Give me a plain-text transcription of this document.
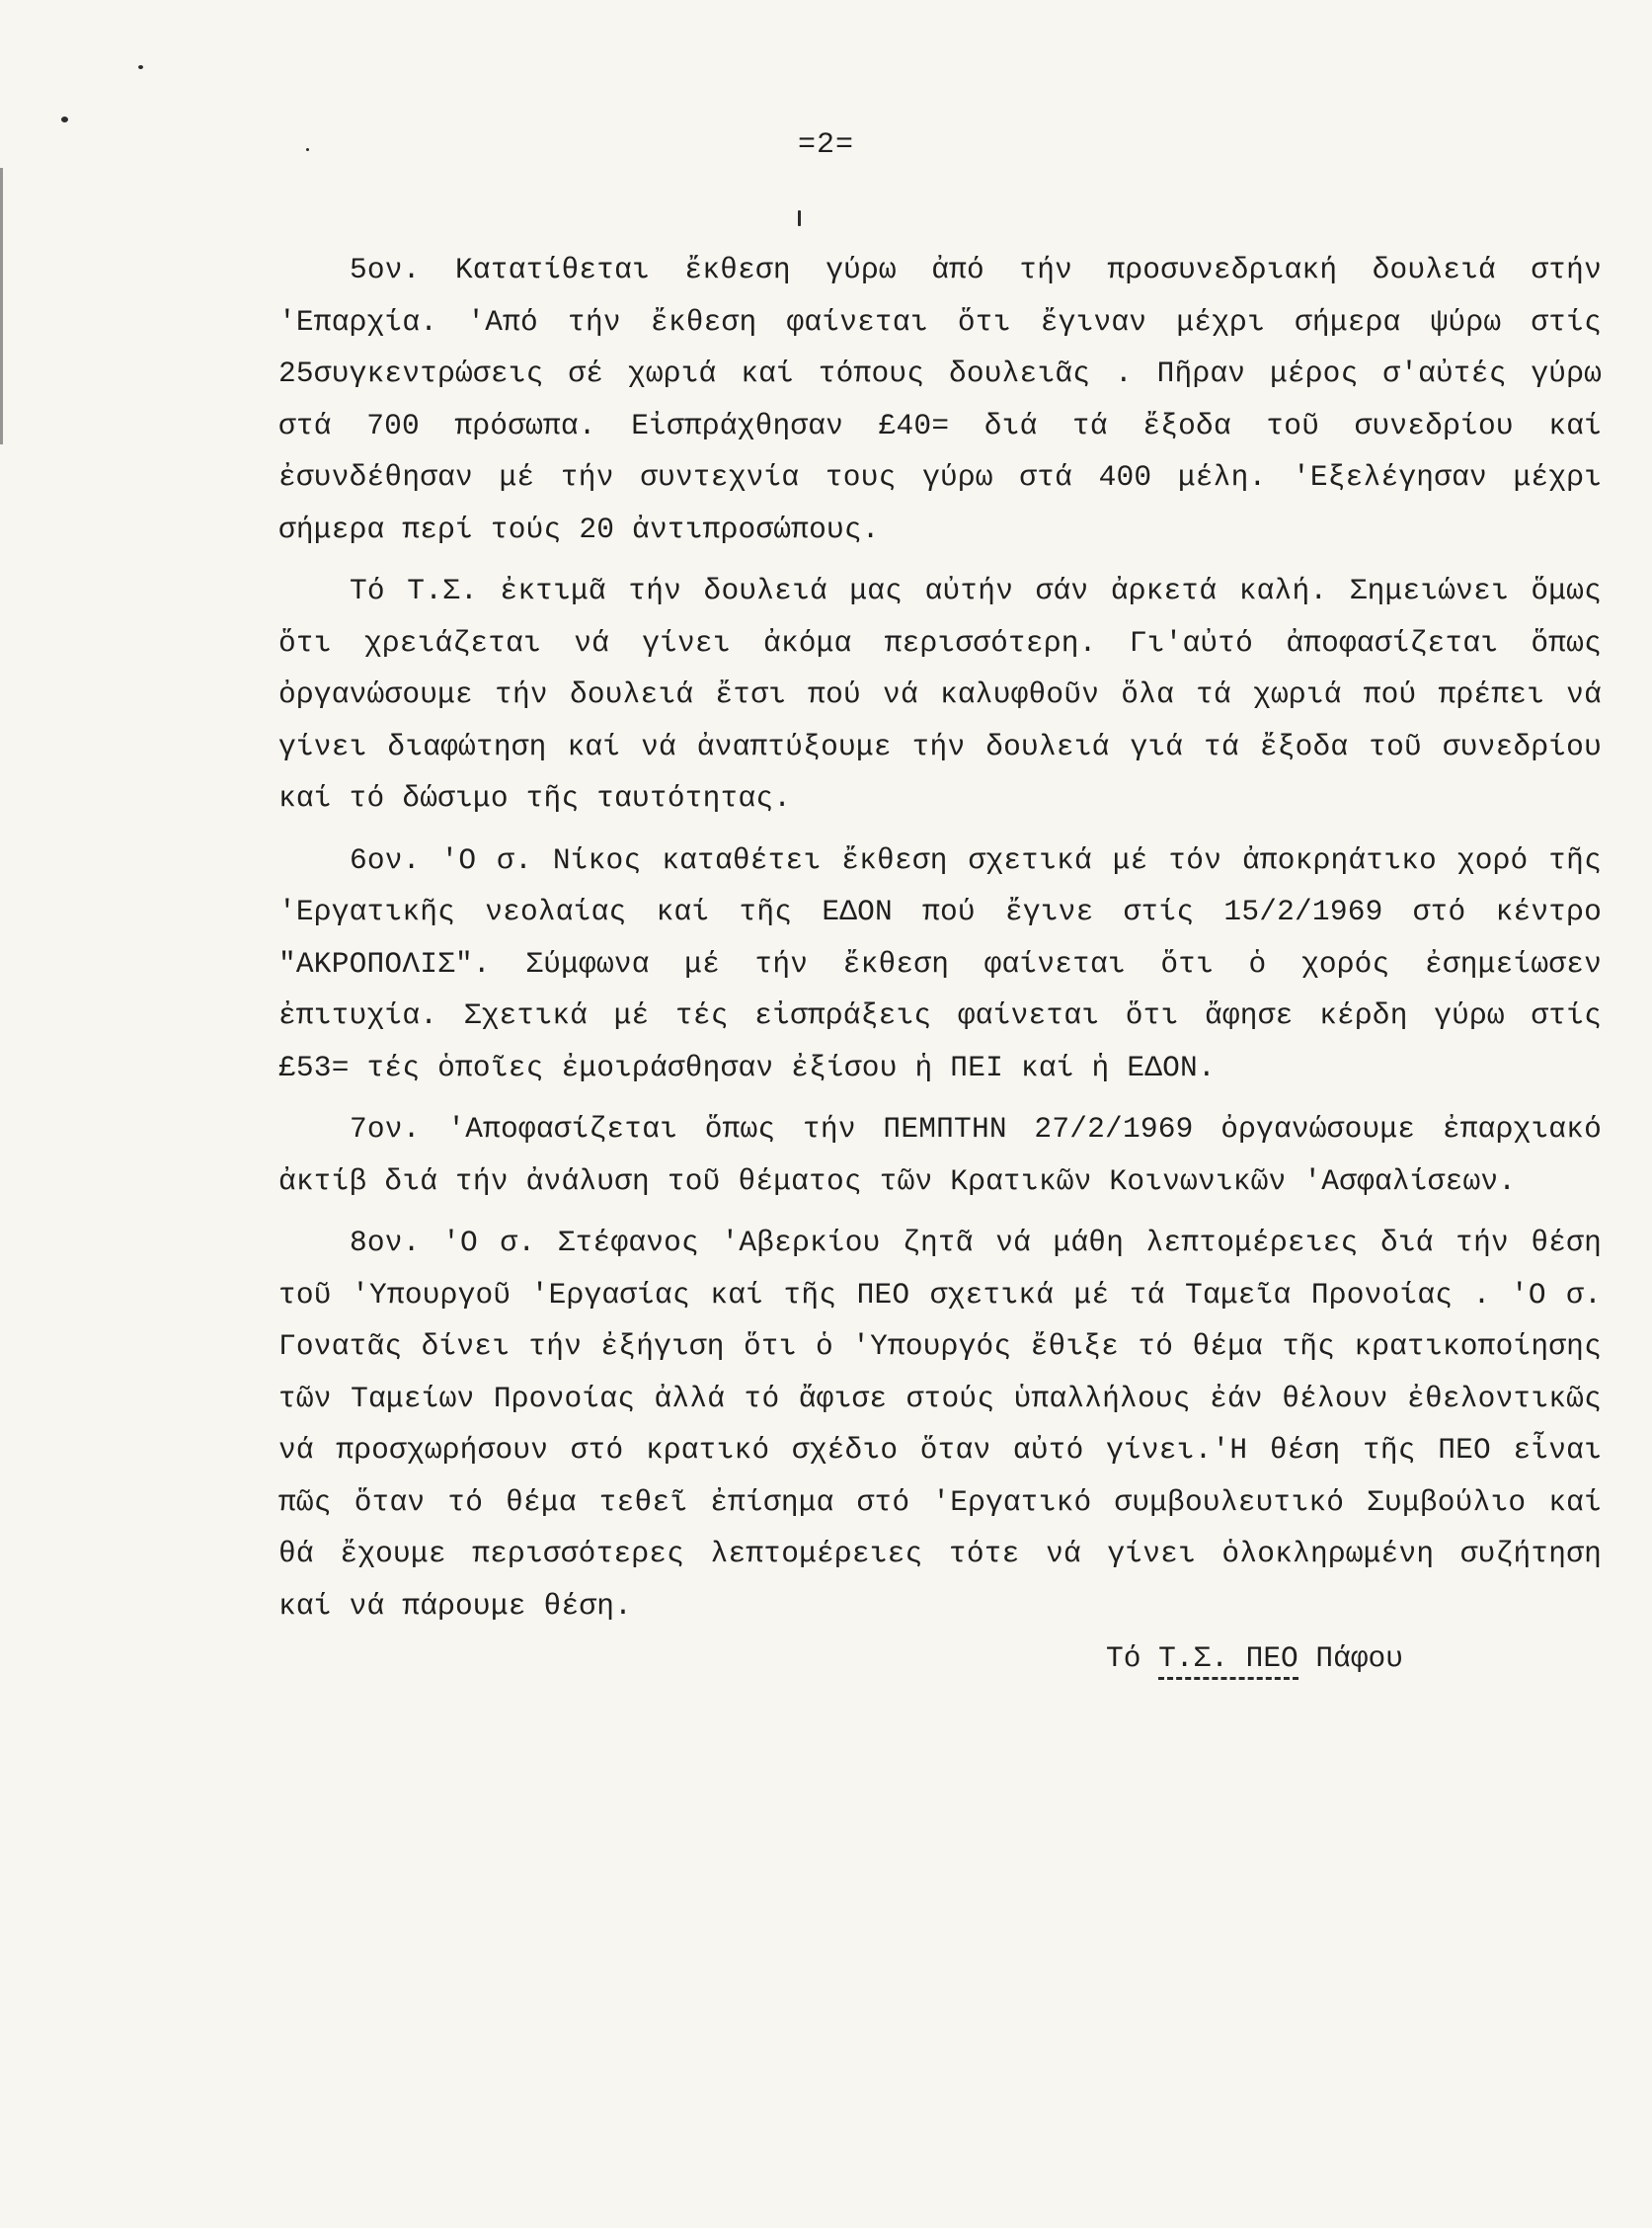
=2=

5ον. Κατατίθεται ἔκθεση γύρω ἀπό τήν προσυνεδριακή δουλειά στήν 'Επαρχία. 'Από τήν ἔκθεση φαίνεται ὅτι ἔγιναν μέχρι σήμερα ψύρω στίς 25συγκεντρώσεις σέ χωριά καί τόπους δουλειᾶς . Πῆραν μέρος σ'αὐτές γύρω στά 700 πρόσωπα. Εἰσπράχθησαν £40= διά τά ἔξοδα τοῦ συνεδρίου καί ἐσυνδέθησαν μέ τήν συντεχνία τους γύρω στά 400 μέλη. 'Εξελέγησαν μέχρι σήμερα περί τούς 20 ἀντιπροσώπους.

Τό Τ.Σ. ἐκτιμᾶ τήν δουλειά μας αὐτήν σάν ἀρκετά καλή. Σημειώνει ὅμως ὅτι χρειάζεται νά γίνει ἀκόμα περισσότερη. Γι'αὐτό ἀποφασίζεται ὅπως ὀργανώσουμε τήν δουλειά ἔτσι πού νά καλυφθοῦν ὅλα τά χωριά πού πρέπει νά γίνει διαφώτηση καί νά ἀναπτύξουμε τήν δουλειά γιά τά ἔξοδα τοῦ συνεδρίου καί τό δώσιμο τῆς ταυτότητας.

6ον. 'Ο σ. Νίκος καταθέτει ἔκθεση σχετικά μέ τόν ἀποκρηάτικο χορό τῆς 'Εργατικῆς νεολαίας καί τῆς ΕΔΟΝ πού ἔγινε στίς 15/2/1969 στό κέντρο "ΑΚΡΟΠΟΛΙΣ". Σύμφωνα μέ τήν ἔκθεση φαίνεται ὅτι ὁ χορός ἐσημείωσεν ἐπιτυχία. Σχετικά μέ τές εἰσπράξεις φαίνεται ὅτι ἄφησε κέρδη γύρω στίς £53= τές ὁποῖες ἐμοιράσθησαν ἐξίσου ἡ ΠΕΙ καί ἡ ΕΔΟΝ.

7ον. 'Αποφασίζεται ὅπως τήν ΠΕΜΠΤΗΝ 27/2/1969 ὀργανώσουμε ἐπαρχιακό ἀκτίβ διά τήν ἀνάλυση τοῦ θέματος τῶν Κρατικῶν Κοινωνικῶν 'Ασφαλίσεων.

8ον. 'Ο σ. Στέφανος 'Αβερκίου ζητᾶ νά μάθη λεπτομέρειες διά τήν θέση τοῦ 'Υπουργοῦ 'Εργασίας καί τῆς ΠΕΟ σχετικά μέ τά Ταμεῖα Προνοίας . 'Ο σ. Γονατᾶς δίνει τήν ἐξήγιση ὅτι ὁ 'Υπουργός ἔθιξε τό θέμα τῆς κρατικοποίησης τῶν Ταμείων Προνοίας ἀλλά τό ἄφισε στούς ὑπαλλήλους ἐάν θέλουν ἐθελοντικῶς νά προσχωρήσουν στό κρατικό σχέδιο ὅταν αὐτό γίνει.'Η θέση τῆς ΠΕΟ εἶναι πῶς ὅταν τό θέμα τεθεῖ ἐπίσημα στό 'Εργατικό συμβουλευτικό Συμβούλιο καί θά ἔχουμε περισσότερες λεπτομέρειες τότε νά γίνει ὁλοκληρωμένη συζήτηση καί νά πάρουμε θέση.

Τό Τ.Σ. ΠΕΟ Πάφου
